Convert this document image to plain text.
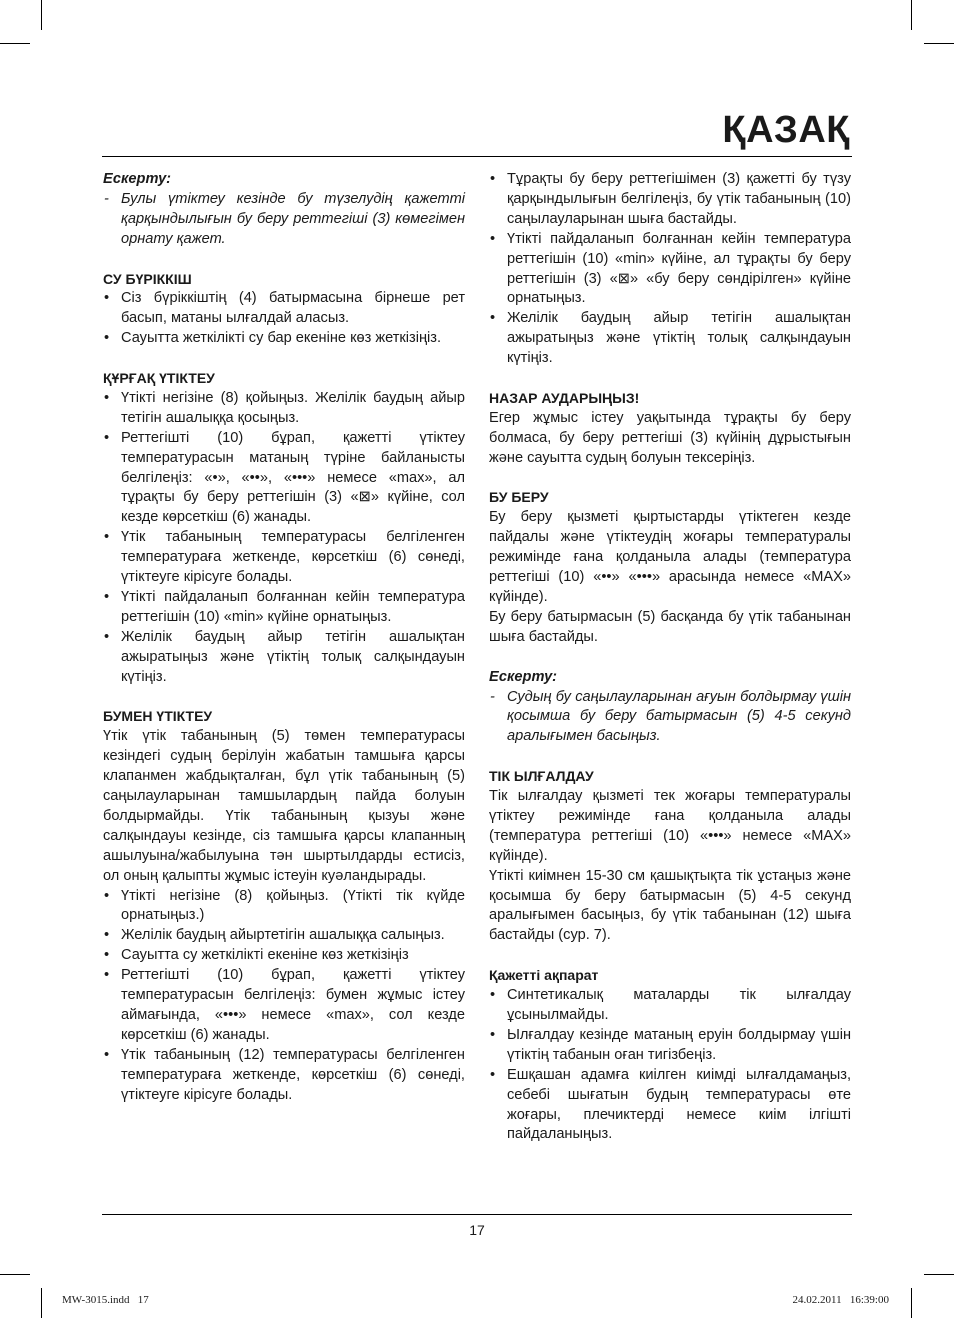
ҚАЗАҚ

Ескерту:

- Булы үтіктеу кезінде бу түзелудің қажетті қарқындылығын бу беру реттегіші (3) көмегімен орнату қажет.

СУ БҮРІККІШ

• Сіз бүріккіштің (4) батырмасына бірнеше рет басып, матаны ылғалдай аласыз.
• Сауытта жеткілікті су бар екеніне көз жеткізіңіз.

ҚҰРҒАҚ ҮТІКТЕУ

• Үтікті негізіне (8) қойыңыз. Желілік баудың айыр тетігін ашалыққа қосыңыз.
• Реттегішті (10) бұрап, қажетті үтіктеу температурасын матаның түріне байланысты белгілеңіз: «•», «••», «•••» немесе «max», ал тұрақты бу беру реттегішін (3) «⊠» күйіне, сол кезде көрсеткіш (6) жанады.
• Үтік табанының температурасы белгіленген температураға жеткенде, көрсеткіш (6) сөнеді, үтіктеуге кірісуге болады.
• Үтікті пайдаланып болғаннан кейін температура реттегішін (10) «min» күйіне орнатыңыз.
• Желілік баудың айыр тетігін ашалықтан ажыратыңыз және үтіктің толық салқындауын күтіңіз.

БУМЕН ҮТІКТЕУ

Үтік үтік табанының (5) төмен температурасы кезіндегі судың берілуін жабатын тамшыға қарсы клапанмен жабдықталған, бұл үтік табанының (5) саңылауларынан тамшылардың пайда болуын болдырмайды. Үтік табанының қызуы және салқындауы кезінде, сіз тамшыға қарсы клапанның ашылуына/жабылуына тән шыртылдарды естисіз, ол оның қалыпты жұмыс істеуін куәландырады.

• Үтікті негізіне (8) қойыңыз. (Үтікті тік күйде орнатыңыз.)
• Желілік баудың айыртетігін ашалыққа салыңыз.
• Сауытта су жеткілікті екеніне көз жеткізіңіз
• Реттегішті (10) бұрап, қажетті үтіктеу температурасын белгілеңіз: бумен жұмыс істеу аймағында, «•••» немесе «max», сол кезде көрсеткіш (6) жанады.
• Үтік табанының (12) температурасы белгіленген температураға жеткенде, көрсеткіш (6) сөнеді, үтіктеуге кірісуге болады.
• Тұрақты бу беру реттегішімен (3) қажетті бу түзу қарқындылығын белгілеңіз, бу үтік табанының (10) саңылауларынан шыға бастайды.
• Үтікті пайдаланып болғаннан кейін температура реттегішін (10) «min» күйіне, ал тұрақты бу беру реттегішін (3) «⊠» «бу беру сөндірілген» күйіне орнатыңыз.
• Желілік баудың айыр тетігін ашалықтан ажыратыңыз және үтіктің толық салқындауын күтіңіз.

НАЗАР АУДАРЫҢЫЗ!

Егер жұмыс істеу уақытында тұрақты бу беру болмаса, бу беру реттегіші (3) күйінің дұрыстығын және сауытта судың болуын тексеріңіз.

БУ БЕРУ

Бу беру қызметі қыртыстарды үтіктеген кезде пайдалы және үтіктеудің жоғары температуралы режимінде ғана қолданыла алады (температура реттегіші (10) «••» «•••» арасында немесе «MAX» күйінде).

Бу беру батырмасын (5) басқанда бу үтік табанынан шыға бастайды.

Ескерту:

- Судың бу саңылауларынан ағуын болдырмау үшін қосымша бу беру батырмасын (5) 4-5 секунд аралығымен басыңыз.

ТІК ЫЛҒАЛДАУ

Тік ылғалдау қызметі тек жоғары температуралы үтіктеу режимінде ғана қолданыла алады (температура реттегіші (10) «•••» немесе «MAX» күйінде).

Үтікті киімнен 15-30 см қашықтықта тік ұстаңыз және қосымша бу беру батырмасын (5) 4-5 секунд аралығымен басыңыз, бу үтік табанынан (12) шыға бастайды (сур. 7).

Қажетті ақпарат

• Синтетикалық маталарды тік ылғалдау ұсынылмайды.
• Ылғалдау кезінде матаның еруін болдырмау үшін үтіктің табанын оған тигізбеңіз.
• Ешқашан адамға киілген киімді ылғалдамаңыз, себебі шығатын будың температурасы өте жоғары, плечиктерді немесе киім ілгішті пайдаланыңыз.

17

MW-3015.indd   17	24.02.2011   16:39:00
